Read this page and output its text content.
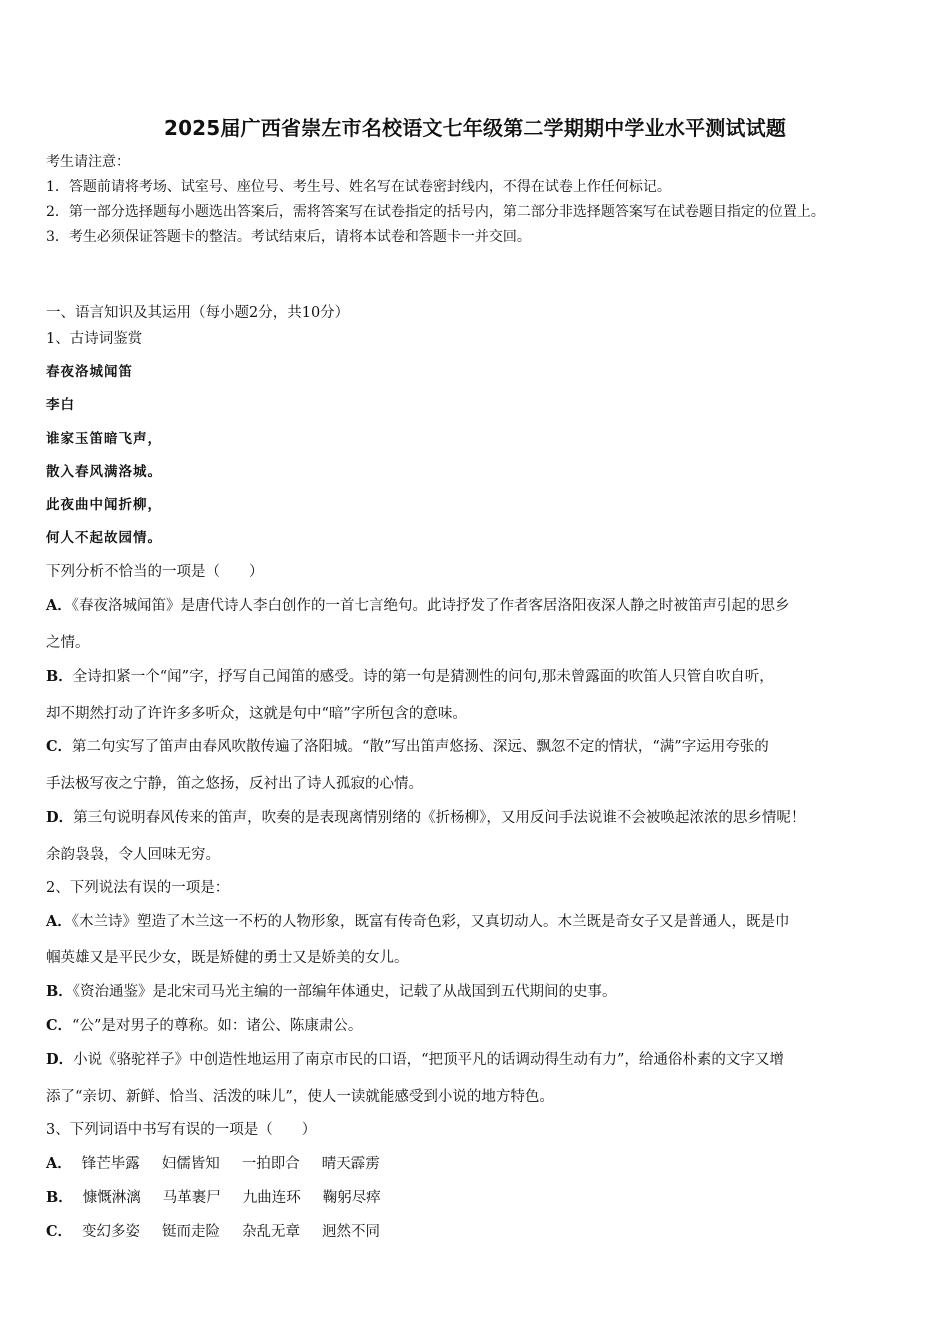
2025届广西省崇左市名校语文七年级第二学期期中学业水平测试试题

考生请注意：

1．答题前请将考场、试室号、座位号、考生号、姓名写在试卷密封线内，不得在试卷上作任何标记。

2．第一部分选择题每小题选出答案后，需将答案写在试卷指定的括号内，第二部分非选择题答案写在试卷题目指定的位置上。

3．考生必须保证答题卡的整洁。考试结束后，请将本试卷和答题卡一并交回。

一、语言知识及其运用（每小题2分，共10分）
1、古诗词鉴赏
春夜洛城闻笛
李白
谁家玉笛暗飞声，
散入春风满洛城。
此夜曲中闻折柳，
何人不起故园情。
下列分析不恰当的一项是（　　）
A．《春夜洛城闻笛》是唐代诗人李白创作的一首七言绝句。此诗抒发了作者客居洛阳夜深人静之时被笛声引起的思乡
之情。
B．全诗扣紧一个“闻”字，抒写自己闻笛的感受。诗的第一句是猜测性的问句,那未曾露面的吹笛人只管自吹自听，
却不期然打动了许许多多听众，这就是句中“暗”字所包含的意味。
C．第二句实写了笛声由春风吹散传遍了洛阳城。“散”写出笛声悠扬、深远、飘忽不定的情状，“满”字运用夸张的
手法极写夜之宁静，笛之悠扬，反衬出了诗人孤寂的心情。
D．第三句说明春风传来的笛声，吹奏的是表现离情别绪的《折杨柳》，又用反问手法说谁不会被唤起浓浓的思乡情呢！
余韵袅袅，令人回味无穷。
2、下列说法有误的一项是：
A．《木兰诗》塑造了木兰这一不朽的人物形象，既富有传奇色彩，又真切动人。木兰既是奇女子又是普通人，既是巾
帼英雄又是平民少女，既是矫健的勇士又是娇美的女儿。
B．《资治通鉴》是北宋司马光主编的一部编年体通史，记载了从战国到五代期间的史事。
C．“公”是对男子的尊称。如：诸公、陈康肃公。
D．小说《骆驼祥子》中创造性地运用了南京市民的口语，“把顶平凡的话调动得生动有力”，给通俗朴素的文字又增
添了“亲切、新鲜、恰当、活泼的味儿”，使人一读就能感受到小说的地方特色。
3、下列词语中书写有误的一项是（　　）
A． 锋芒毕露 妇儒皆知 一拍即合 晴天霹雳
B． 慷慨淋漓 马革裹尸 九曲连环 鞠躬尽瘁
C． 变幻多姿 铤而走险 杂乱无章 迥然不同
